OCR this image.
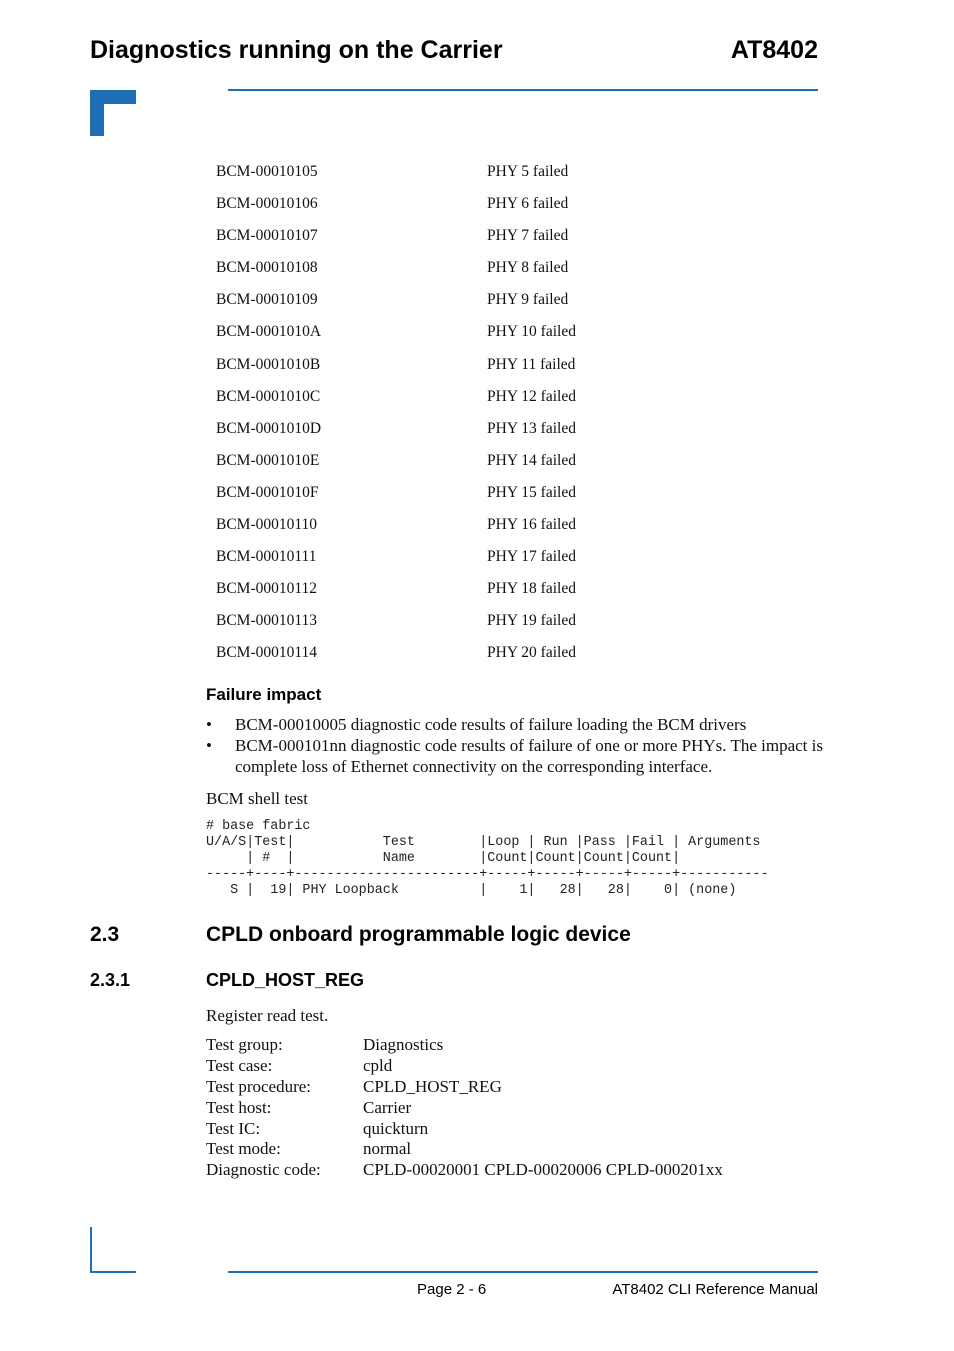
Diagnostics running on the Carrier	AT8402
BCM-00010105	PHY 5 failed
BCM-00010106	PHY 6 failed
BCM-00010107	PHY 7 failed
BCM-00010108	PHY 8 failed
BCM-00010109	PHY 9 failed
BCM-0001010A	PHY 10 failed
BCM-0001010B	PHY 11 failed
BCM-0001010C	PHY 12 failed
BCM-0001010D	PHY 13 failed
BCM-0001010E	PHY 14 failed
BCM-0001010F	PHY 15 failed
BCM-00010110	PHY 16 failed
BCM-00010111	PHY 17 failed
BCM-00010112	PHY 18 failed
BCM-00010113	PHY 19 failed
BCM-00010114	PHY 20 failed
Failure impact
•	BCM-00010005 diagnostic code results of failure loading the BCM drivers
•	BCM-000101nn diagnostic code results of failure of one or more PHYs. The impact is complete loss of Ethernet connectivity on the corresponding interface.
BCM shell test
# base fabric
U/A/S|Test|           Test        |Loop | Run |Pass |Fail | Arguments
| #  |           Name        |Count|Count|Count|Count|
-----+----+-----------------------+-----+-----+-----+-----+-----------
S |  19| PHY Loopback          |    1|   28|   28|    0| (none)
2.3	CPLD onboard programmable logic device
2.3.1	CPLD_HOST_REG
Register read test.
Test group:	Diagnostics
Test case:	cpld
Test procedure:	CPLD_HOST_REG
Test host:	Carrier
Test IC:	quickturn
Test mode:	normal
Diagnostic code:	CPLD-00020001 CPLD-00020006 CPLD-000201xx
Page 2 - 6	AT8402 CLI Reference Manual
